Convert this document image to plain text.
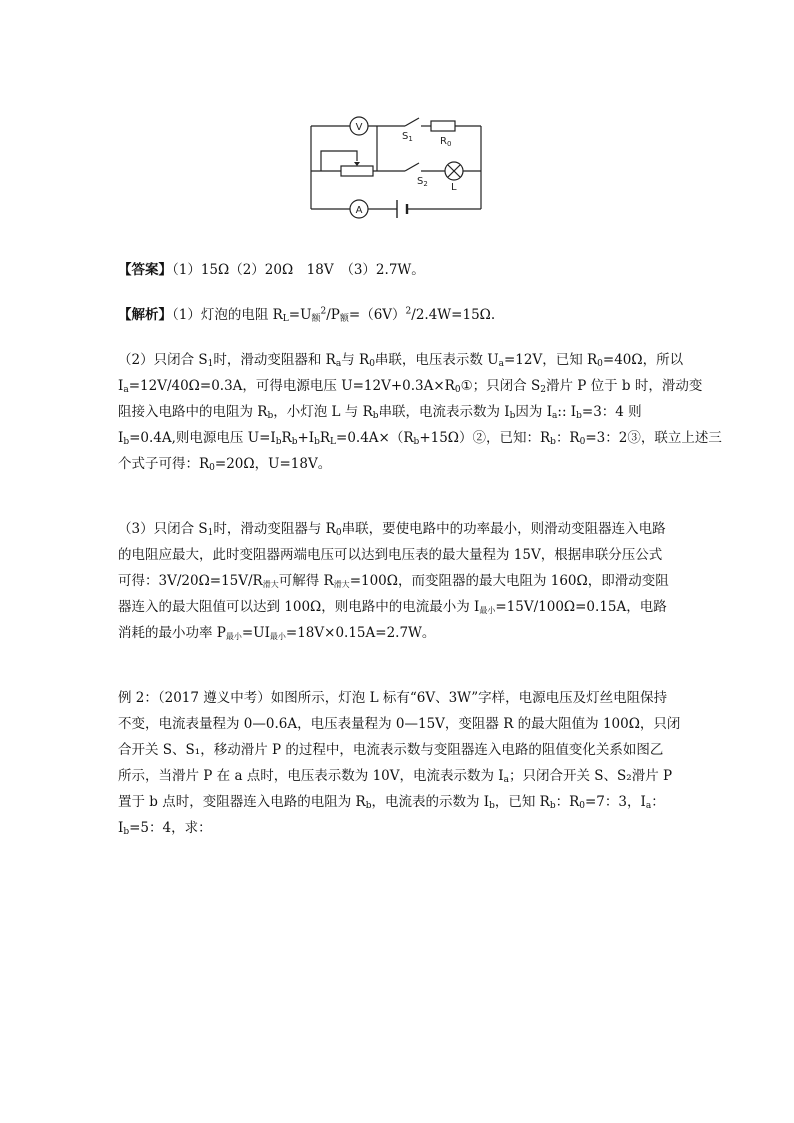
V
A
$S_1$	$R_0$
$S_2$ L
【答案】（1）15Ω（2）20Ω　18V　（3）2.7W。
【解析】（1）灯泡的电阻 $R_L=U_额^2/P_额=(6V)^2/2.4W=15\Omega$.
（2）只闭合 $S_1$时，滑动变阻器和 $R_a$与 $R_0$串联，电压表示数 $U_a=12V$，已知 $R_0=40\Omega$，所以
$I_a=12V/40\Omega=0.3A$，可得电源电压 $U=12V+0.3A\times R_0①$；只闭合 $S_2$滑片 P 位于 b 时，滑动变
阻接入电路中的电阻为 $R_b$，小灯泡 L 与 $R_b$串联，电流表示数为 $I_b$因为 $I_a$:: $I_b=3$：4 则
$I_b=0.4A$,则电源电压 $U=I_bR_b+I_bR_L=0.4A\times(R_b+15\Omega)②$，已知：$R_b$：$R_0=3$：2③，联立上述三
个式子可得：$R_0=20\Omega$，U=18V。
（3）只闭合 $S_1$时，滑动变阻器与 $R_0$串联，要使电路中的功率最小，则滑动变阻器连入电路
的电阻应最大，此时变阻器两端电压可以达到电压表的最大量程为 15V，根据串联分压公式
可得：$3V/20\Omega=15V/R_{滑大}$可解得 $R_{滑大}=100\Omega$，而变阻器的最大电阻为 160Ω，即滑动变阻
器连入的最大阻值可以达到 100Ω，则电路中的电流最小为 $I_{最小}=15V/100\Omega=0.15A$，电路
消耗的最小功率 $P_{最小}=UI_{最小}=18V\times 0.15A=2.7W$。
例 2：（2017 遵义中考）如图所示，灯泡 L 标有“6V、3W”字样，电源电压及灯丝电阻保持
不变，电流表量程为 0—0.6A，电压表量程为 0—15V，变阻器 R 的最大阻值为 100Ω，只闭
合开关 S、S₁，移动滑片 P 的过程中，电流表示数与变阻器连入电路的阻值变化关系如图乙
所示，当滑片 P 在 a 点时，电压表示数为 10V，电流表示数为 $I_a$；只闭合开关 S、S₂滑片 P
置于 b 点时，变阻器连入电路的电阻为 $R_b$，电流表的示数为 $I_b$，已知 $R_b$：$R_0=7$：3，$I_a$：
$I_b=5$：4，求：
